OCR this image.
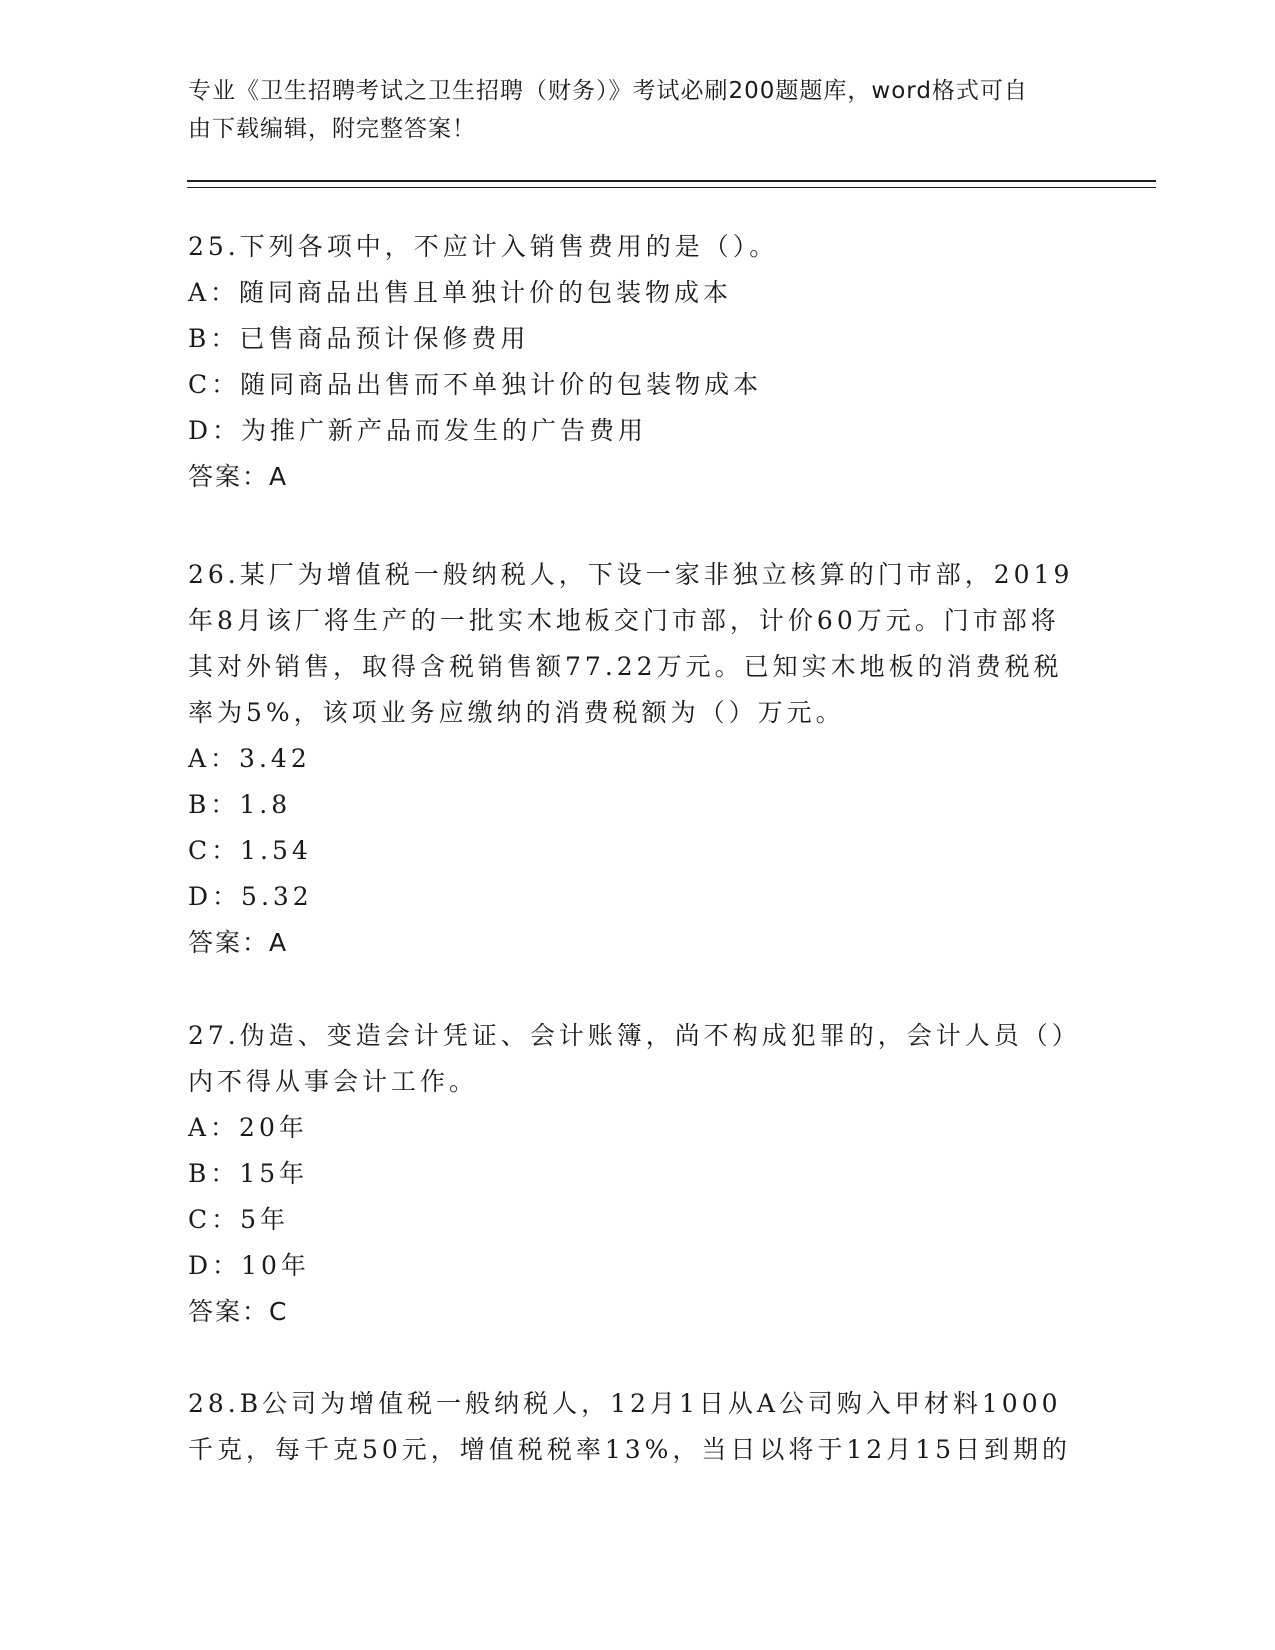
专业《卫生招聘考试之卫生招聘（财务）》考试必刷200题题库，word格式可自
由下载编辑，附完整答案！
25.下列各项中，不应计入销售费用的是（）。
A：随同商品出售且单独计价的包装物成本
B：已售商品预计保修费用
C：随同商品出售而不单独计价的包装物成本
D：为推广新产品而发生的广告费用
答案：A
26.某厂为增值税一般纳税人，下设一家非独立核算的门市部，2019
年8月该厂将生产的一批实木地板交门市部，计价60万元。门市部将
其对外销售，取得含税销售额77.22万元。已知实木地板的消费税税
率为5%，该项业务应缴纳的消费税额为（）万元。
A：3.42
B：1.8
C：1.54
D：5.32
答案：A
27.伪造、变造会计凭证、会计账簿，尚不构成犯罪的，会计人员（）
内不得从事会计工作。
A：20年
B：15年
C：5年
D：10年
答案：C
28.B公司为增值税一般纳税人，12月1日从A公司购入甲材料1000
千克，每千克50元，增值税税率13%，当日以将于12月15日到期的
